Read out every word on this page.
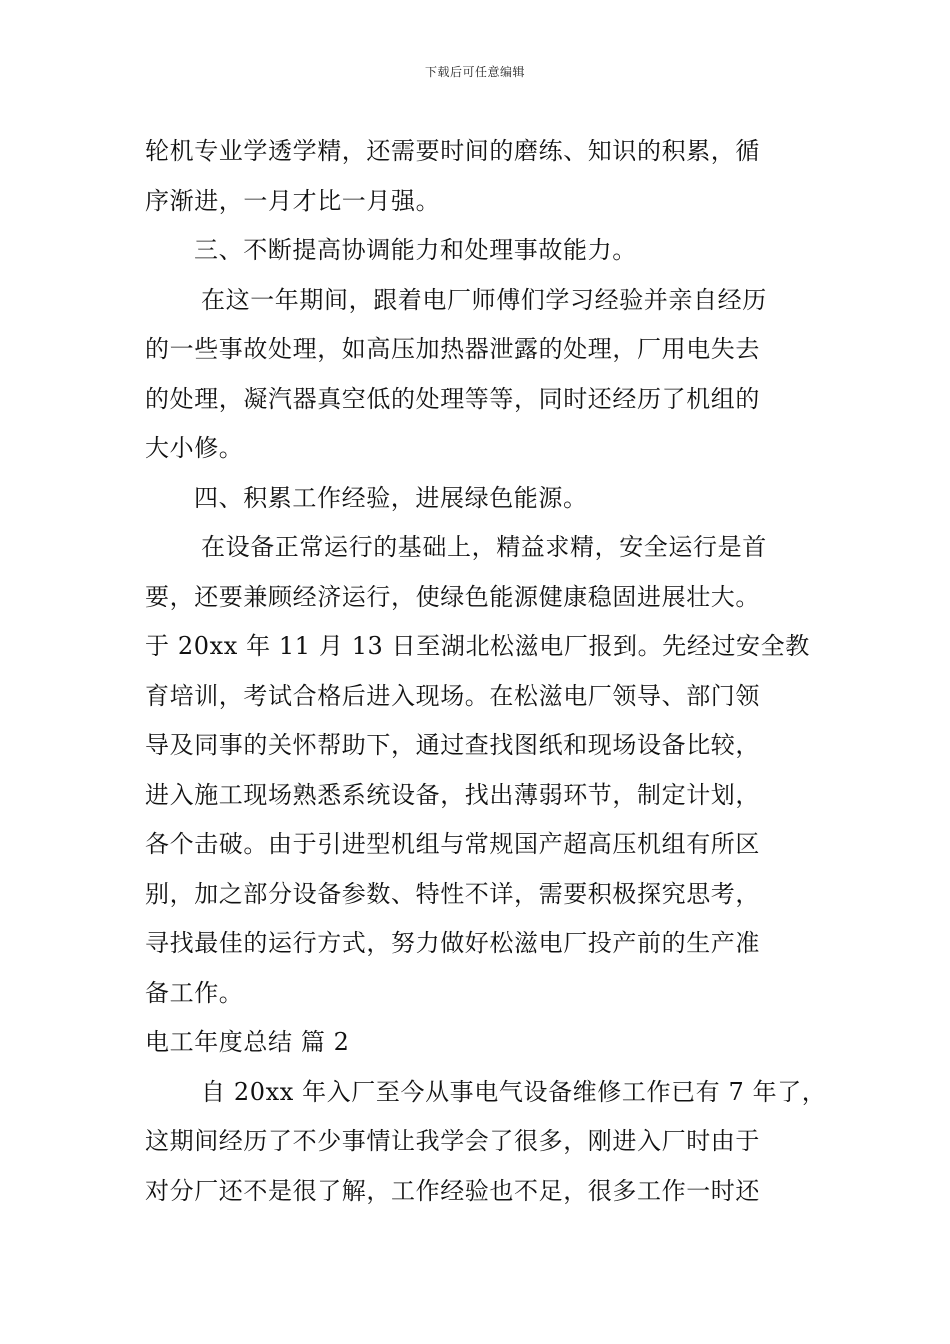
下载后可任意编辑
轮机专业学透学精，还需要时间的磨练、知识的积累，循
序渐进，一月才比一月强。
三、不断提高协调能力和处理事故能力。
在这一年期间，跟着电厂师傅们学习经验并亲自经历
的一些事故处理，如高压加热器泄露的处理，厂用电失去
的处理，凝汽器真空低的处理等等，同时还经历了机组的
大小修。
四、积累工作经验，进展绿色能源。
在设备正常运行的基础上，精益求精，安全运行是首
要，还要兼顾经济运行，使绿色能源健康稳固进展壮大。
于 20xx 年 11 月 13 日至湖北松滋电厂报到。先经过安全教
育培训，考试合格后进入现场。在松滋电厂领导、部门领
导及同事的关怀帮助下，通过查找图纸和现场设备比较，
进入施工现场熟悉系统设备，找出薄弱环节，制定计划，
各个击破。由于引进型机组与常规国产超高压机组有所区
别，加之部分设备参数、特性不详，需要积极探究思考，
寻找最佳的运行方式，努力做好松滋电厂投产前的生产准
备工作。
电工年度总结 篇 2
自 20xx 年入厂至今从事电气设备维修工作已有 7 年了，
这期间经历了不少事情让我学会了很多，刚进入厂时由于
对分厂还不是很了解，工作经验也不足，很多工作一时还
